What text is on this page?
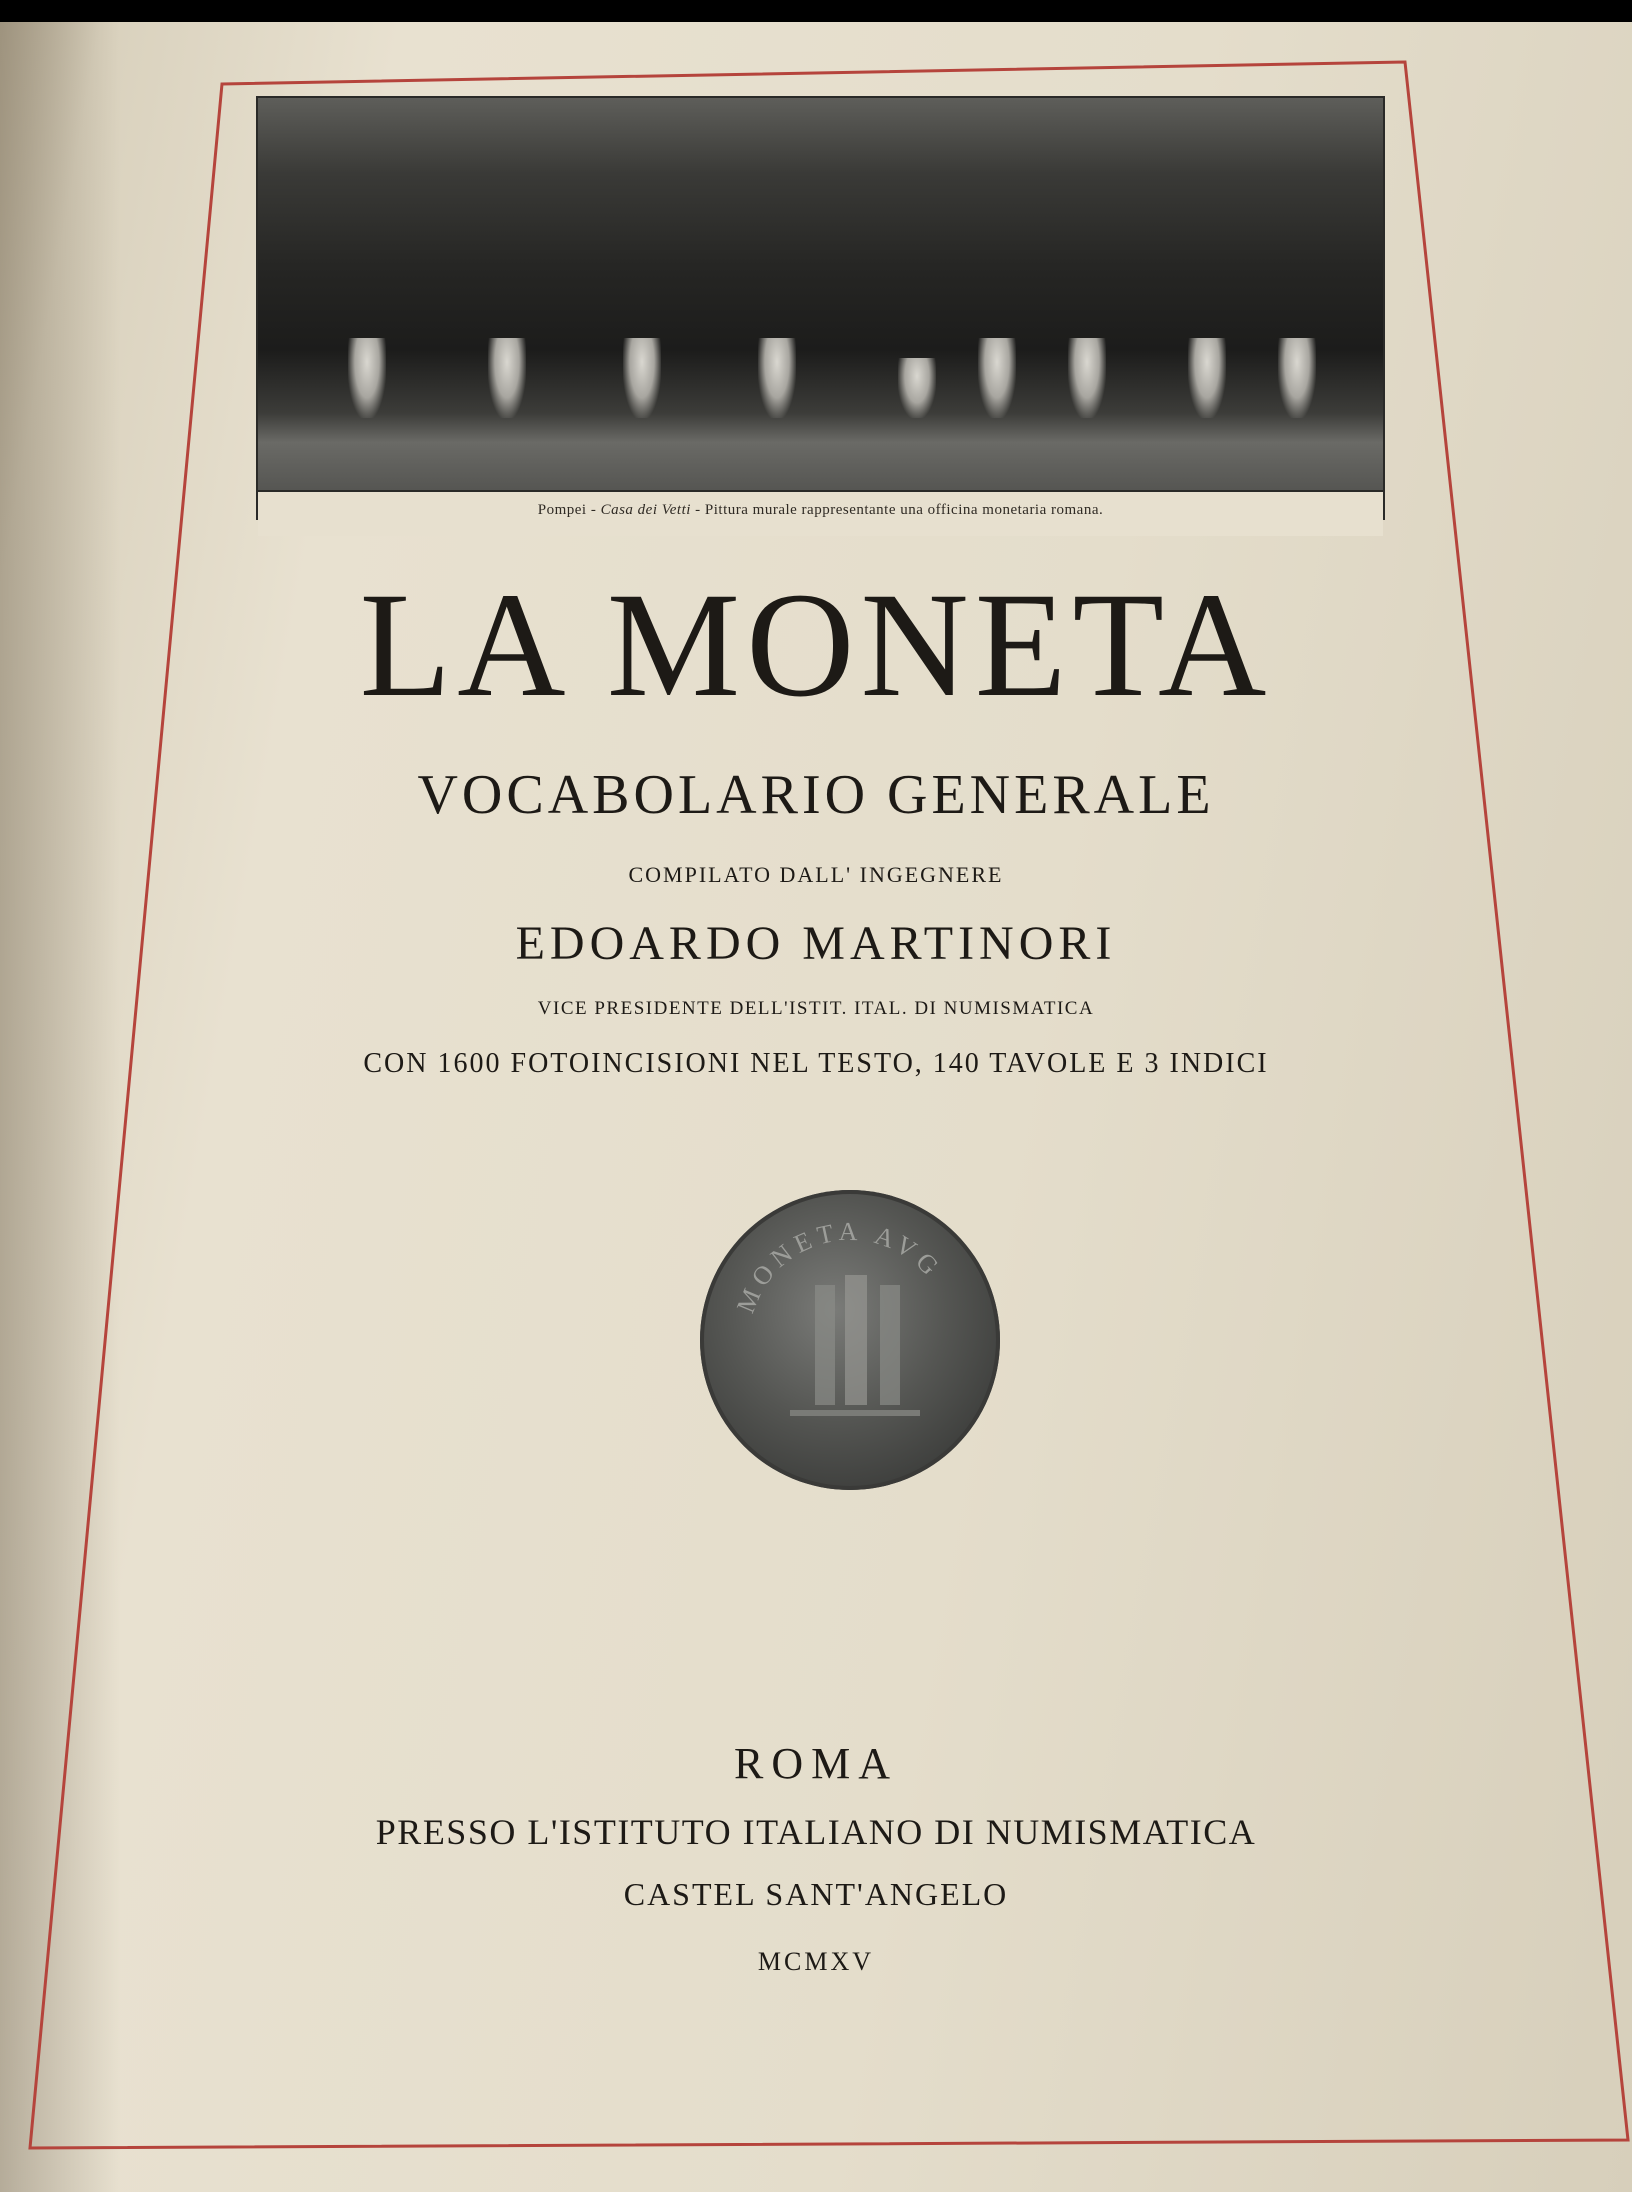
Pompei - Casa dei Vetti - Pittura murale rappresentante una officina monetaria romana.
LA MONETA
VOCABOLARIO GENERALE
COMPILATO DALL' INGEGNERE
EDOARDO MARTINORI
VICE PRESIDENTE DELL'ISTIT. ITAL. DI NUMISMATICA
CON 1600 FOTOINCISIONI NEL TESTO, 140 TAVOLE E 3 INDICI
MONETA AVG
ROMA
PRESSO L'ISTITUTO ITALIANO DI NUMISMATICA
CASTEL SANT'ANGELO
MCMXV
